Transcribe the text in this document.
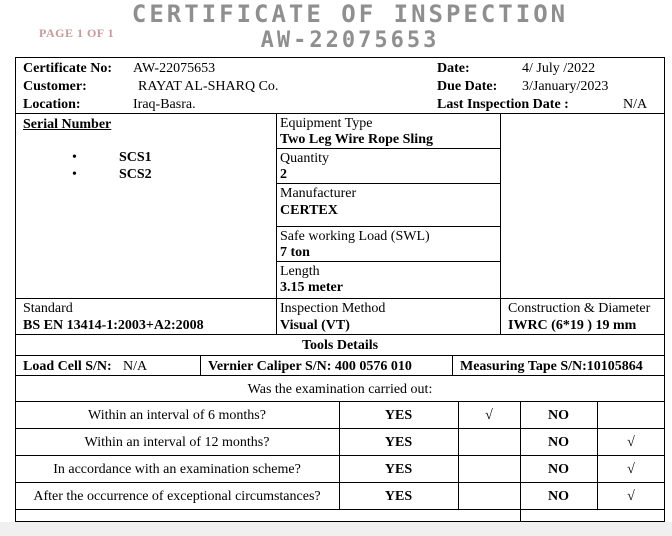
PAGE 1 OF 1
CERTIFICATE OF INSPECTION
AW-22075653
Certificate No: AW-22075653
Customer:	RAYAT AL-SHARQ Co.
Location:	Iraq-Basra.
Date:	4/ July /2022
Due Date: 3/January/2023
Last Inspection Date :	N/A
Serial Number
•	SCS1
•	SCS2
Equipment Type
Two Leg Wire Rope Sling
Quantity
2
Manufacturer
CERTEX
Safe working Load (SWL)
7 ton
Length
3.15 meter
Standard
BS EN 13414-1:2003+A2:2008
Inspection Method
Visual (VT)
Construction & Diameter
IWRC (6*19 ) 19 mm
Tools Details
Load Cell S/N: N/A	Vernier Caliper S/N: 400 0576 010	Measuring Tape S/N:10105864
Was the examination carried out:
Within an interval of 6 months?	YES	√	NO
Within an interval of 12 months?	YES	NO	√
In accordance with an examination scheme?	YES	NO	√
After the occurrence of exceptional circumstances?	YES	NO	√
